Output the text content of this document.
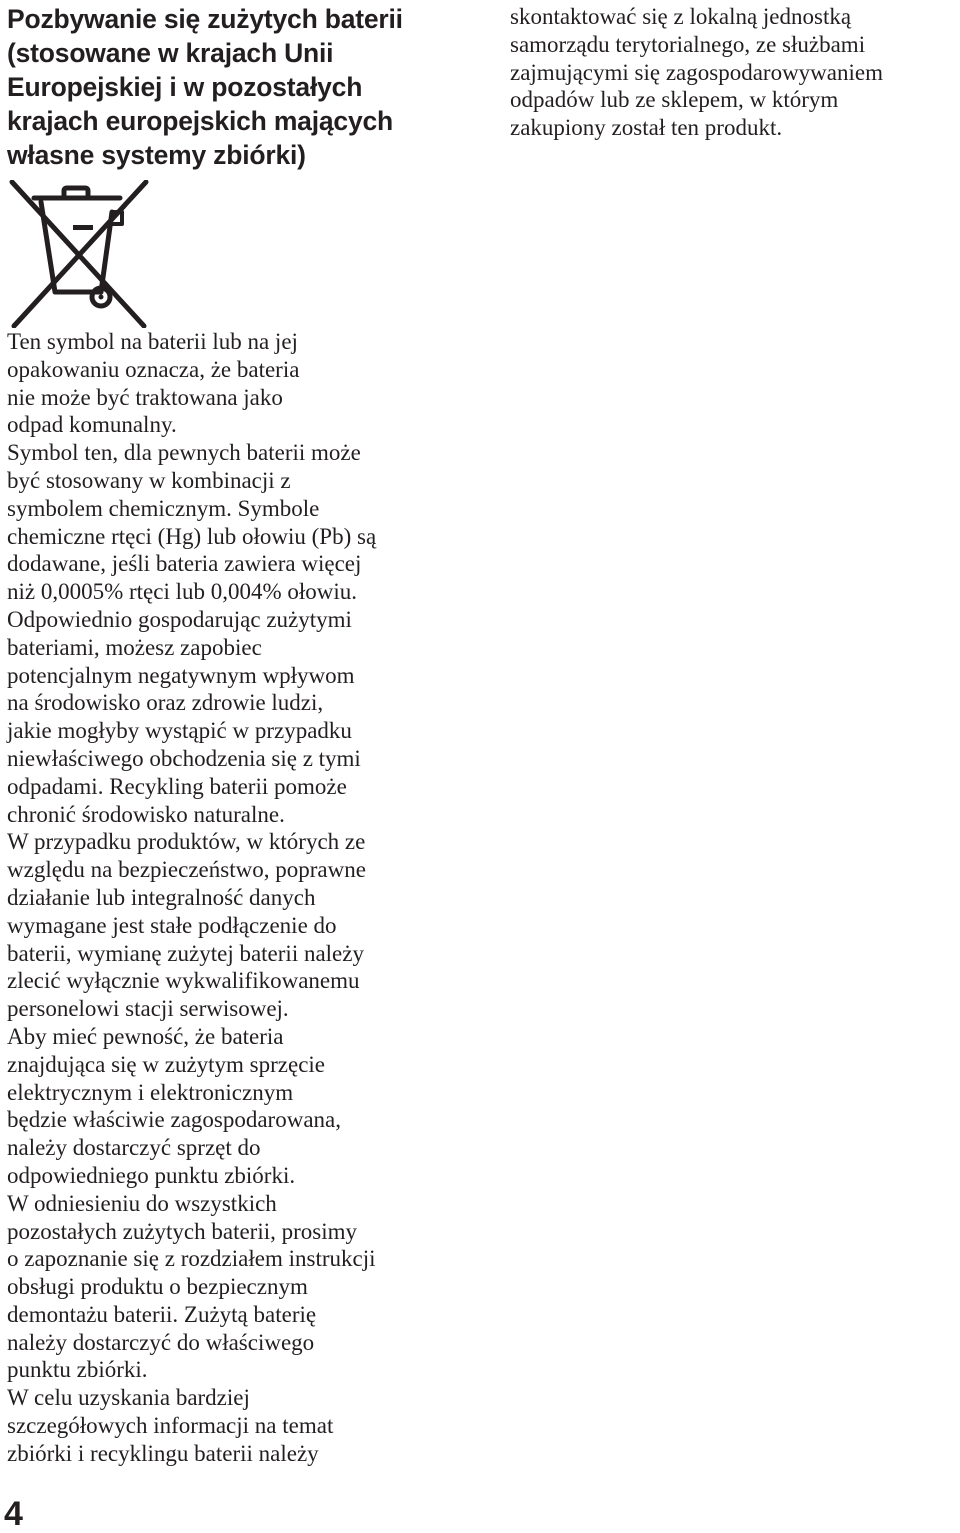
Pozbywanie się zużytych baterii
(stosowane w krajach Unii
Europejskiej i w pozostałych
krajach europejskich mających
własne systemy zbiórki)

skontaktować się z lokalną jednostką
samorządu terytorialnego, ze służbami
zajmującymi się zagospodarowywaniem
odpadów lub ze sklepem, w którym
zakupiony został ten produkt.

Ten symbol na baterii lub na jej
opakowaniu oznacza, że bateria
nie może być traktowana jako
odpad komunalny.
Symbol ten, dla pewnych baterii może
być stosowany w kombinacji z
symbolem chemicznym. Symbole
chemiczne rtęci (Hg) lub ołowiu (Pb) są
dodawane, jeśli bateria zawiera więcej
niż 0,0005% rtęci lub 0,004% ołowiu.
Odpowiednio gospodarując zużytymi
bateriami, możesz zapobiec
potencjalnym negatywnym wpływom
na środowisko oraz zdrowie ludzi,
jakie mogłyby wystąpić w przypadku
niewłaściwego obchodzenia się z tymi
odpadami. Recykling baterii pomoże
chronić środowisko naturalne.
W przypadku produktów, w których ze
względu na bezpieczeństwo, poprawne
działanie lub integralność danych
wymagane jest stałe podłączenie do
baterii, wymianę zużytej baterii należy
zlecić wyłącznie wykwalifikowanemu
personelowi stacji serwisowej.
Aby mieć pewność, że bateria
znajdująca się w zużytym sprzęcie
elektrycznym i elektronicznym
będzie właściwie zagospodarowana,
należy dostarczyć sprzęt do
odpowiedniego punktu zbiórki.
W odniesieniu do wszystkich
pozostałych zużytych baterii, prosimy
o zapoznanie się z rozdziałem instrukcji
obsługi produktu o bezpiecznym
demontażu baterii. Zużytą baterię
należy dostarczyć do właściwego
punktu zbiórki.
W celu uzyskania bardziej
szczegółowych informacji na temat
zbiórki i recyklingu baterii należy

4
